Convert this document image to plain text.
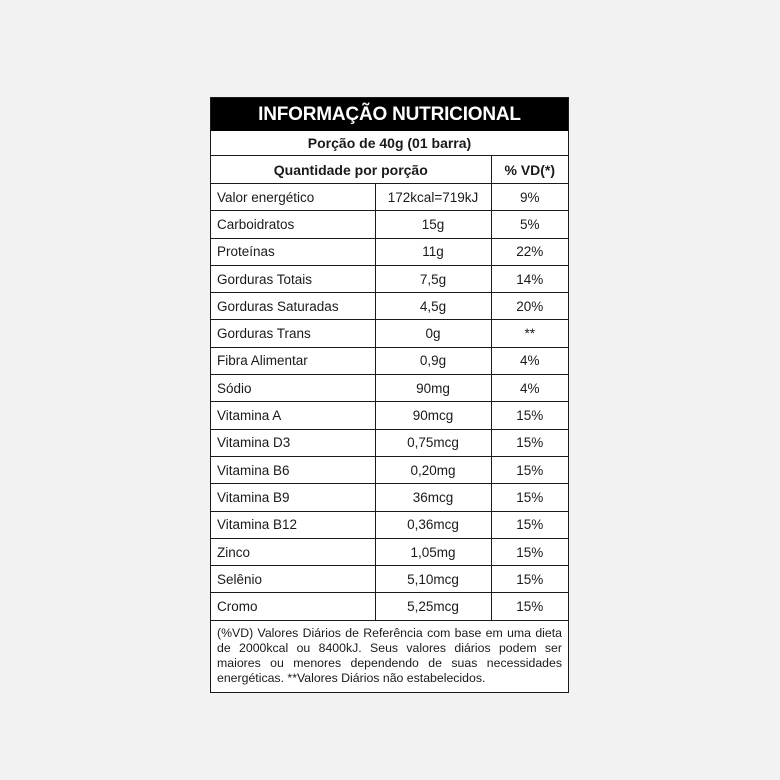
INFORMAÇÃO NUTRICIONAL
Porção de 40g (01 barra)
Quantidade por porção		% VD(*)
Valor energético	172kcal=719kJ	9%
Carboidratos	15g	5%
Proteínas	11g	22%
Gorduras Totais	7,5g	14%
Gorduras Saturadas	4,5g	20%
Gorduras Trans	0g	**
Fibra Alimentar	0,9g	4%
Sódio	90mg	4%
Vitamina A	90mcg	15%
Vitamina D3	0,75mcg	15%
Vitamina B6	0,20mg	15%
Vitamina B9	36mcg	15%
Vitamina B12	0,36mcg	15%
Zinco	1,05mg	15%
Selênio	5,10mcg	15%
Cromo	5,25mcg	15%
(%VD) Valores Diários de Referência com base em uma dieta de 2000kcal ou 8400kJ. Seus valores diários podem ser maiores ou menores dependendo de suas necessidades energéticas. **Valores Diários não estabelecidos.
